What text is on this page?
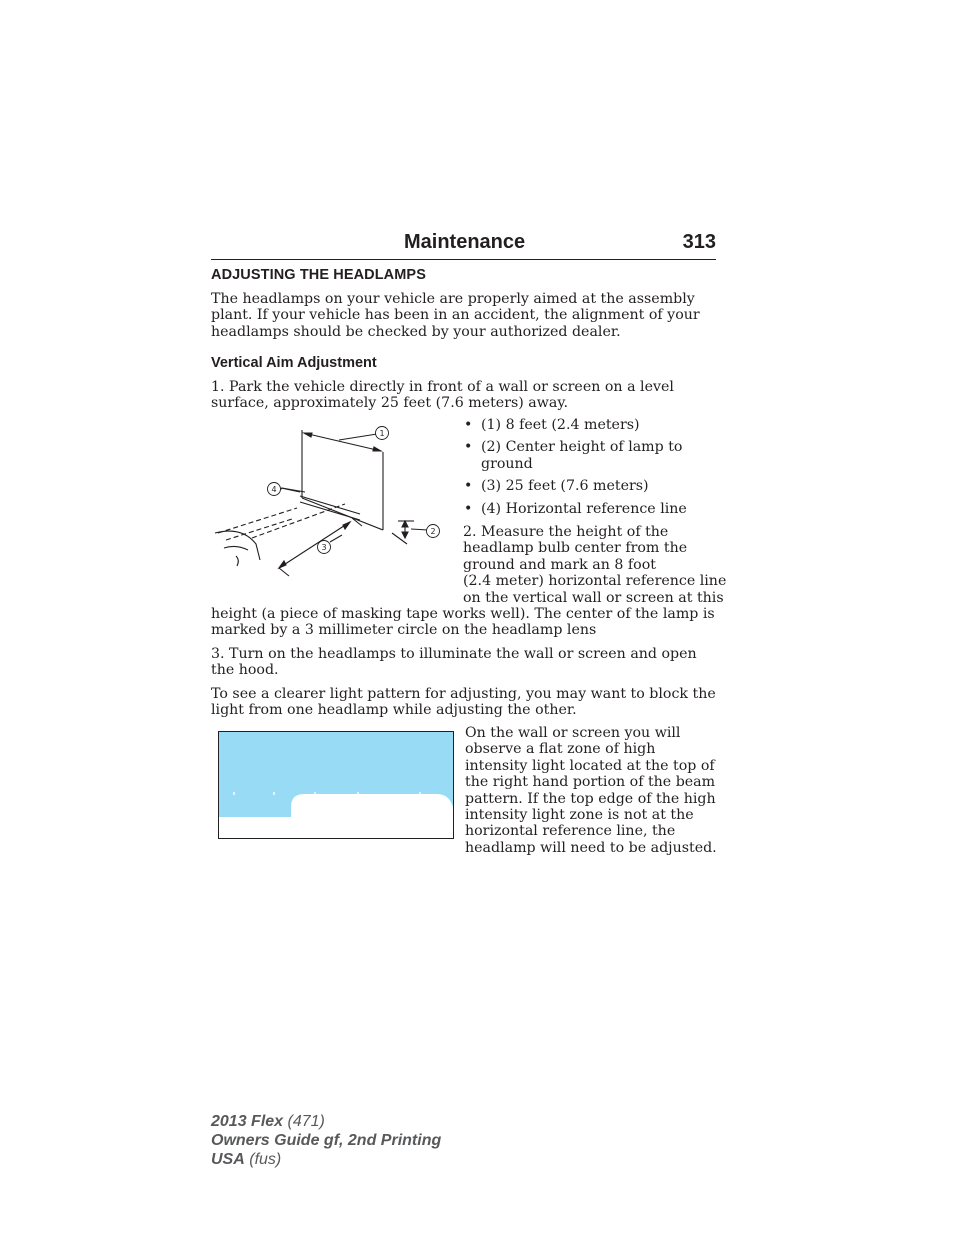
Maintenance	313
ADJUSTING THE HEADLAMPS
The headlamps on your vehicle are properly aimed at the assembly plant. If your vehicle has been in an accident, the alignment of your headlamps should be checked by your authorized dealer.
Vertical Aim Adjustment
1. Park the vehicle directly in front of a wall or screen on a level surface, approximately 25 feet (7.6 meters) away.
1
2
3
4
• (1) 8 feet (2.4 meters)
• (2) Center height of lamp to ground
• (3) 25 feet (7.6 meters)
• (4) Horizontal reference line
2. Measure the height of the
headlamp bulb center from the
ground and mark an 8 foot
(2.4 meter) horizontal reference line
on the vertical wall or screen at this
height (a piece of masking tape works well). The center of the lamp is marked by a 3 millimeter circle on the headlamp lens
3. Turn on the headlamps to illuminate the wall or screen and open the hood.
To see a clearer light pattern for adjusting, you may want to block the light from one headlamp while adjusting the other.
On the wall or screen you will observe a flat zone of high intensity light located at the top of the right hand portion of the beam pattern. If the top edge of the high intensity light zone is not at the horizontal reference line, the headlamp will need to be adjusted.
2013 Flex (471)
Owners Guide gf, 2nd Printing
USA (fus)
